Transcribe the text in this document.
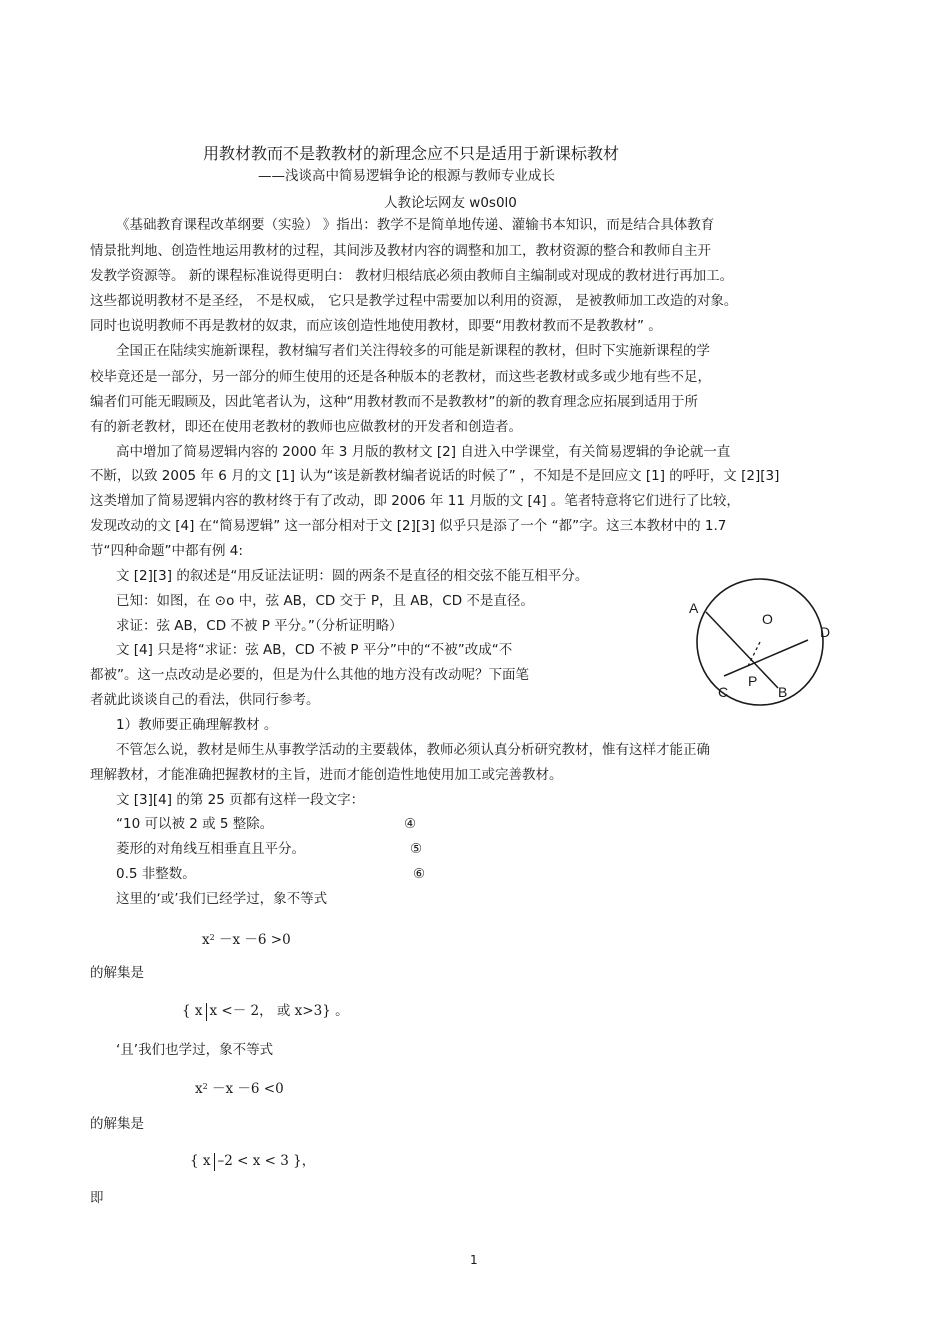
用教材教而不是教教材的新理念应不只是适用于新课标教材
——浅谈高中简易逻辑争论的根源与教师专业成长
人教论坛网友 w0s0l0
《基础教育课程改革纲要（实验） 》指出：教学不是简单地传递、灌输书本知识，而是结合具体教育
情景批判地、创造性地运用教材的过程，其间涉及教材内容的调整和加工，教材资源的整合和教师自主开
发教学资源等。 新的课程标准说得更明白： 教材归根结底必须由教师自主编制或对现成的教材进行再加工。
这些都说明教材不是圣经， 不是权威， 它只是教学过程中需要加以利用的资源， 是被教师加工改造的对象。
同时也说明教师不再是教材的奴隶，而应该创造性地使用教材，即要“用教材教而不是教教材” 。
全国正在陆续实施新课程，教材编写者们关注得较多的可能是新课程的教材，但时下实施新课程的学
校毕竟还是一部分，另一部分的师生使用的还是各种版本的老教材，而这些老教材或多或少地有些不足，
编者们可能无暇顾及，因此笔者认为，这种“用教材教而不是教教材”的新的教育理念应拓展到适用于所
有的新老教材，即还在使用老教材的教师也应做教材的开发者和创造者。
高中增加了简易逻辑内容的 2000 年 3 月版的教材文 [2] 自进入中学课堂，有关简易逻辑的争论就一直
不断，以致 2005 年 6 月的文 [1] 认为“该是新教材编者说话的时候了” ，不知是不是回应文 [1] 的呼吁，文 [2][3]
这类增加了简易逻辑内容的教材终于有了改动，即 2006 年 11 月版的文 [4] 。笔者特意将它们进行了比较，
发现改动的文 [4] 在“简易逻辑” 这一部分相对于文 [2][3] 似乎只是添了一个 “都”字。这三本教材中的 1.7
节“四种命题”中都有例 4:
文 [2][3] 的叙述是“用反证法证明：圆的两条不是直径的相交弦不能互相平分。
已知：如图，在 ⊙o 中，弦 AB，CD 交于 P，且 AB，CD 不是直径。
求证：弦 AB，CD 不被 P 平分。”（分析证明略）
文 [4] 只是将“求证：弦 AB，CD 不被 P 平分”中的“不被”改成“不
都被”。这一点改动是必要的，但是为什么其他的地方没有改动呢？下面笔
者就此谈谈自己的看法，供同行参考。
1）教师要正确理解教材 。
不管怎么说，教材是师生从事教学活动的主要载体，教师必须认真分析研究教材，惟有这样才能正确
理解教材，才能准确把握教材的主旨，进而才能创造性地使用加工或完善教材。
文 [3][4] 的第 25 页都有这样一段文字：
“10 可以被 2 或 5 整除。
菱形的对角线互相垂直且平分。
0.5 非整数。
④
⑤
⑥
这里的‘或’我们已经学过，象不等式
$x^2 -x -6 >0$
的解集是
{ x x <－ 2， 或 x>3} 。
‘且’我们也学过，象不等式
$x^2 -x -6 <0$
的解集是
{ x –2 < x < 3 }，
即
A
O
D
P
C	B
1
